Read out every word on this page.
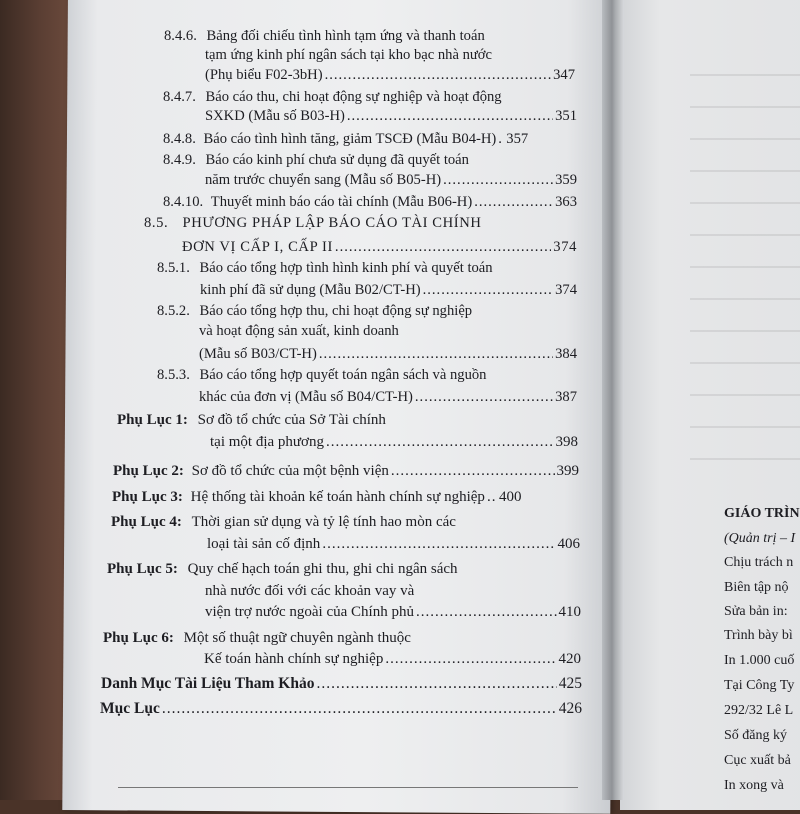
8.4.6. Bảng đối chiếu tình hình tạm ứng và thanh toán
tạm ứng kinh phí ngân sách tại kho bạc nhà nước
(Phụ biểu F02-3bH) .....	347
8.4.7. Báo cáo thu, chi hoạt động sự nghiệp và hoạt động
SXKD (Mẫu số B03-H) .....	351
8.4.8. Báo cáo tình hình tăng, giảm TSCĐ (Mẫu B04-H) ..... 357
8.4.9. Báo cáo kinh phí chưa sử dụng đã quyết toán
năm trước chuyển sang (Mẫu số B05-H) .....	359
8.4.10. Thuyết minh báo cáo tài chính (Mẫu B06-H) .....	363
8.5. PHƯƠNG PHÁP LẬP BÁO CÁO TÀI CHÍNH
ĐƠN VỊ CẤP I, CẤP II .....	374
8.5.1. Báo cáo tổng hợp tình hình kinh phí và quyết toán
kinh phí đã sử dụng (Mẫu B02/CT-H) .....	374
8.5.2. Báo cáo tổng hợp thu, chi hoạt động sự nghiệp
và hoạt động sản xuất, kinh doanh
(Mẫu số B03/CT-H) .....	384
8.5.3. Báo cáo tổng hợp quyết toán ngân sách và nguồn
khác của đơn vị (Mẫu số B04/CT-H) .....	387
Phụ Lục 1: Sơ đồ tổ chức của Sở Tài chính
tại một địa phương .....	398
Phụ Lục 2: Sơ đồ tổ chức của một bệnh viện .....	399
Phụ Lục 3: Hệ thống tài khoản kế toán hành chính sự nghiệp ..... 400
Phụ Lục 4: Thời gian sử dụng và tỷ lệ tính hao mòn các
loại tài sản cố định .....	406
Phụ Lục 5: Quy chế hạch toán ghi thu, ghi chi ngân sách
nhà nước đối với các khoản vay và
viện trợ nước ngoài của Chính phủ .....	410
Phụ Lục 6: Một số thuật ngữ chuyên ngành thuộc
Kế toán hành chính sự nghiệp .....	420
Danh Mục Tài Liệu Tham Khảo .....	425
Mục Lục .....	426
GIÁO TRÌN
(Quản trị – I
Chịu trách n
Biên tập nộ
Sửa bản in:
Trình bày bì
In 1.000 cuố
Tại Công Ty
292/32 Lê L
Số đăng ký
Cục xuất bả
In xong và
